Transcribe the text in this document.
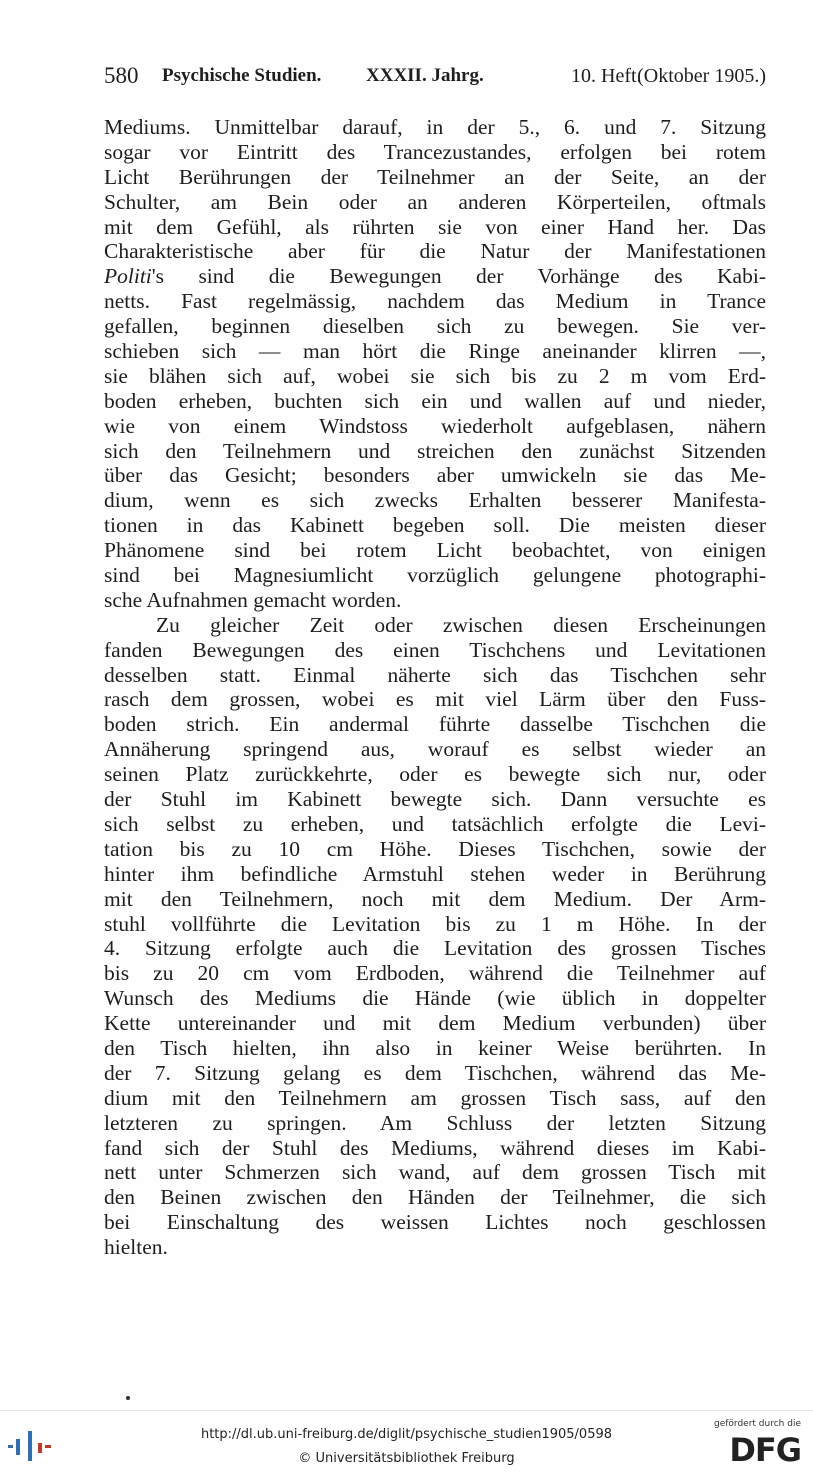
580 Psychische Studien.	10. Heft.
(Oktober 1905.)
XXXII. Jahrg.
Mediums. Unmittelbar darauf, in der 5., 6. und 7. Sitzung
sogar vor Eintritt des Trancezustandes, erfolgen bei rotem
Licht Berührungen der Teilnehmer an der Seite, an der
Schulter, am Bein oder an anderen Körperteilen, oftmals
mit dem Gefühl, als rührten sie von einer Hand her. Das
Charakteristische aber für die Natur der Manifestationen
Politi's sind die Bewegungen der Vorhänge des Kabi-
netts. Fast regelmässig, nachdem das Medium in Trance
gefallen, beginnen dieselben sich zu bewegen. Sie ver-
schieben sich — man hört die Ringe aneinander klirren —,
sie blähen sich auf, wobei sie sich bis zu 2 m vom Erd-
boden erheben, buchten sich ein und wallen auf und nieder,
wie von einem Windstoss wiederholt aufgeblasen, nähern
sich den Teilnehmern und streichen den zunächst Sitzenden
über das Gesicht; besonders aber umwickeln sie das Me-
dium, wenn es sich zwecks Erhalten besserer Manifesta-
tionen in das Kabinett begeben soll. Die meisten dieser
Phänomene sind bei rotem Licht beobachtet, von einigen
sind bei Magnesiumlicht vorzüglich gelungene photographi-
sche Aufnahmen gemacht worden.
Zu gleicher Zeit oder zwischen diesen Erscheinungen
fanden Bewegungen des einen Tischchens und Levitationen
desselben statt. Einmal näherte sich das Tischchen sehr
rasch dem grossen, wobei es mit viel Lärm über den Fuss-
boden strich. Ein andermal führte dasselbe Tischchen die
Annäherung springend aus, worauf es selbst wieder an
seinen Platz zurückkehrte, oder es bewegte sich nur, oder
der Stuhl im Kabinett bewegte sich. Dann versuchte es
sich selbst zu erheben, und tatsächlich erfolgte die Levi-
tation bis zu 10 cm Höhe. Dieses Tischchen, sowie der
hinter ihm befindliche Armstuhl stehen weder in Berührung
mit den Teilnehmern, noch mit dem Medium. Der Arm-
stuhl vollführte die Levitation bis zu 1 m Höhe. In der
4. Sitzung erfolgte auch die Levitation des grossen Tisches
bis zu 20 cm vom Erdboden, während die Teilnehmer auf
Wunsch des Mediums die Hände (wie üblich in doppelter
Kette untereinander und mit dem Medium verbunden) über
den Tisch hielten, ihn also in keiner Weise berührten. In
der 7. Sitzung gelang es dem Tischchen, während das Me-
dium mit den Teilnehmern am grossen Tisch sass, auf den
letzteren zu springen. Am Schluss der letzten Sitzung
fand sich der Stuhl des Mediums, während dieses im Kabi-
nett unter Schmerzen sich wand, auf dem grossen Tisch mit
den Beinen zwischen den Händen der Teilnehmer, die sich
bei Einschaltung des weissen Lichtes noch geschlossen
hielten.
http://dl.ub.uni-freiburg.de/diglit/psychische_studien1905/0598
© Universitätsbibliothek Freiburg
gefördert durch die
DFG
